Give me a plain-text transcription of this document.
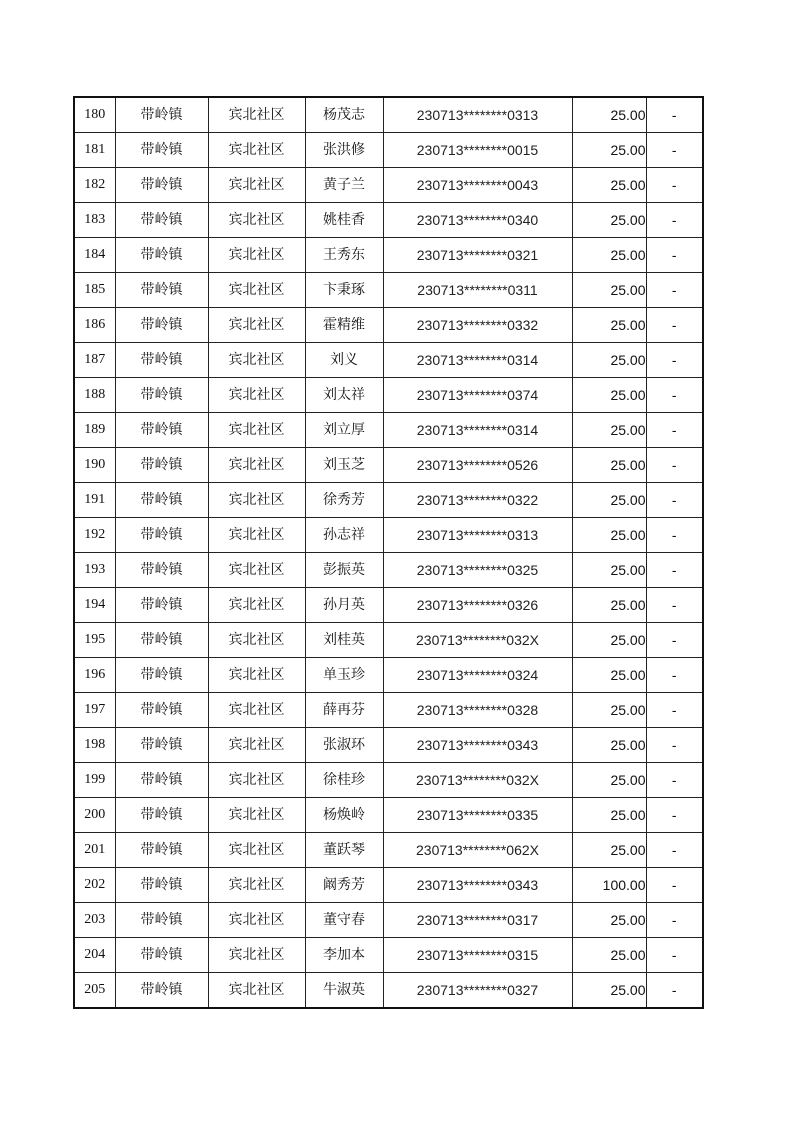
180	带岭镇	宾北社区	杨茂志	230713********0313	25.00	-
181	带岭镇	宾北社区	张洪修	230713********0015	25.00	-
182	带岭镇	宾北社区	黄子兰	230713********0043	25.00	-
183	带岭镇	宾北社区	姚桂香	230713********0340	25.00	-
184	带岭镇	宾北社区	王秀东	230713********0321	25.00	-
185	带岭镇	宾北社区	卞秉琢	230713********0311	25.00	-
186	带岭镇	宾北社区	霍精维	230713********0332	25.00	-
187	带岭镇	宾北社区	刘义	230713********0314	25.00	-
188	带岭镇	宾北社区	刘太祥	230713********0374	25.00	-
189	带岭镇	宾北社区	刘立厚	230713********0314	25.00	-
190	带岭镇	宾北社区	刘玉芝	230713********0526	25.00	-
191	带岭镇	宾北社区	徐秀芳	230713********0322	25.00	-
192	带岭镇	宾北社区	孙志祥	230713********0313	25.00	-
193	带岭镇	宾北社区	彭振英	230713********0325	25.00	-
194	带岭镇	宾北社区	孙月英	230713********0326	25.00	-
195	带岭镇	宾北社区	刘桂英	230713********032X	25.00	-
196	带岭镇	宾北社区	单玉珍	230713********0324	25.00	-
197	带岭镇	宾北社区	薛再芬	230713********0328	25.00	-
198	带岭镇	宾北社区	张淑环	230713********0343	25.00	-
199	带岭镇	宾北社区	徐桂珍	230713********032X	25.00	-
200	带岭镇	宾北社区	杨焕岭	230713********0335	25.00	-
201	带岭镇	宾北社区	董跃琴	230713********062X	25.00	-
202	带岭镇	宾北社区	阚秀芳	230713********0343	100.00	-
203	带岭镇	宾北社区	董守春	230713********0317	25.00	-
204	带岭镇	宾北社区	李加本	230713********0315	25.00	-
205	带岭镇	宾北社区	牛淑英	230713********0327	25.00	-
